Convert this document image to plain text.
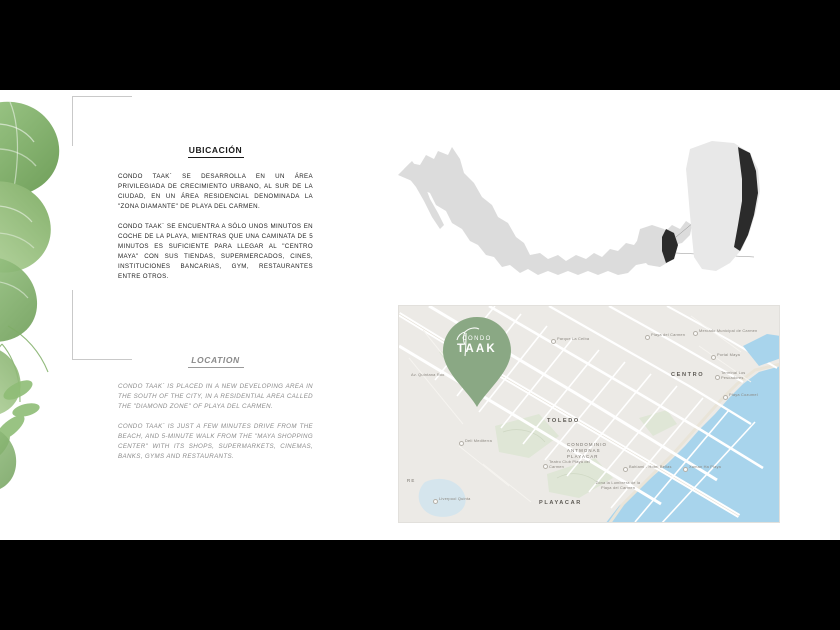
UBICACIÓN

CONDO TAAK´ SE DESARROLLA EN UN ÁREA PRIVILEGIADA DE CRECIMIENTO URBANO, AL SUR DE LA CIUDAD, EN UN ÁREA RESIDENCIAL DENOMINADA LA "ZONA DIAMANTE" DE PLAYA DEL CARMEN.

CONDO TAAK´ SE ENCUENTRA A SÓLO UNOS MINUTOS EN COCHE DE LA PLAYA, MIENTRAS QUE UNA CAMINATA DE 5 MINUTOS ES SUFICIENTE PARA LLEGAR AL "CENTRO MAYA" CON SUS TIENDAS, SUPERMERCADOS, CINES, INSTITUCIONES BANCARIAS, GYM, RESTAURANTES ENTRE OTROS.

LOCATION

CONDO TAAK´ IS PLACED IN A NEW DEVELOPING AREA IN THE SOUTH OF THE CITY, IN A RESIDENTIAL AREA CALLED THE "DIAMOND ZONE" OF PLAYA DEL CARMEN.

CONDO TAAK´ IS JUST A FEW MINUTES DRIVE FROM THE BEACH, AND 5-MINUTE WALK FROM THE "MAYA SHOPPING CENTER" WITH ITS SHOPS, SUPERMARKETS, CINEMAS, BANKS, GYMS AND RESTAURANTS.

CENTRO
TOLEDO
CONDOMINIO ANTMONAS PLAYACAR
PLAYACAR
RE
Parque La Ceiba
Playa del Carmen
Mercado Municipal de Carmen
Portal Maya
Terminal Los Pescadores
Playa Cozumel
Teatro Club Playa del Carmen	Bahiami - Hotel Bellas	Xaman Ha Playa
Zona la Lumbrera de la Playa del Carmen
Liverpool Quinta
Av. Quintana Roo
Deli Mediterra
CONDO
TAAK
